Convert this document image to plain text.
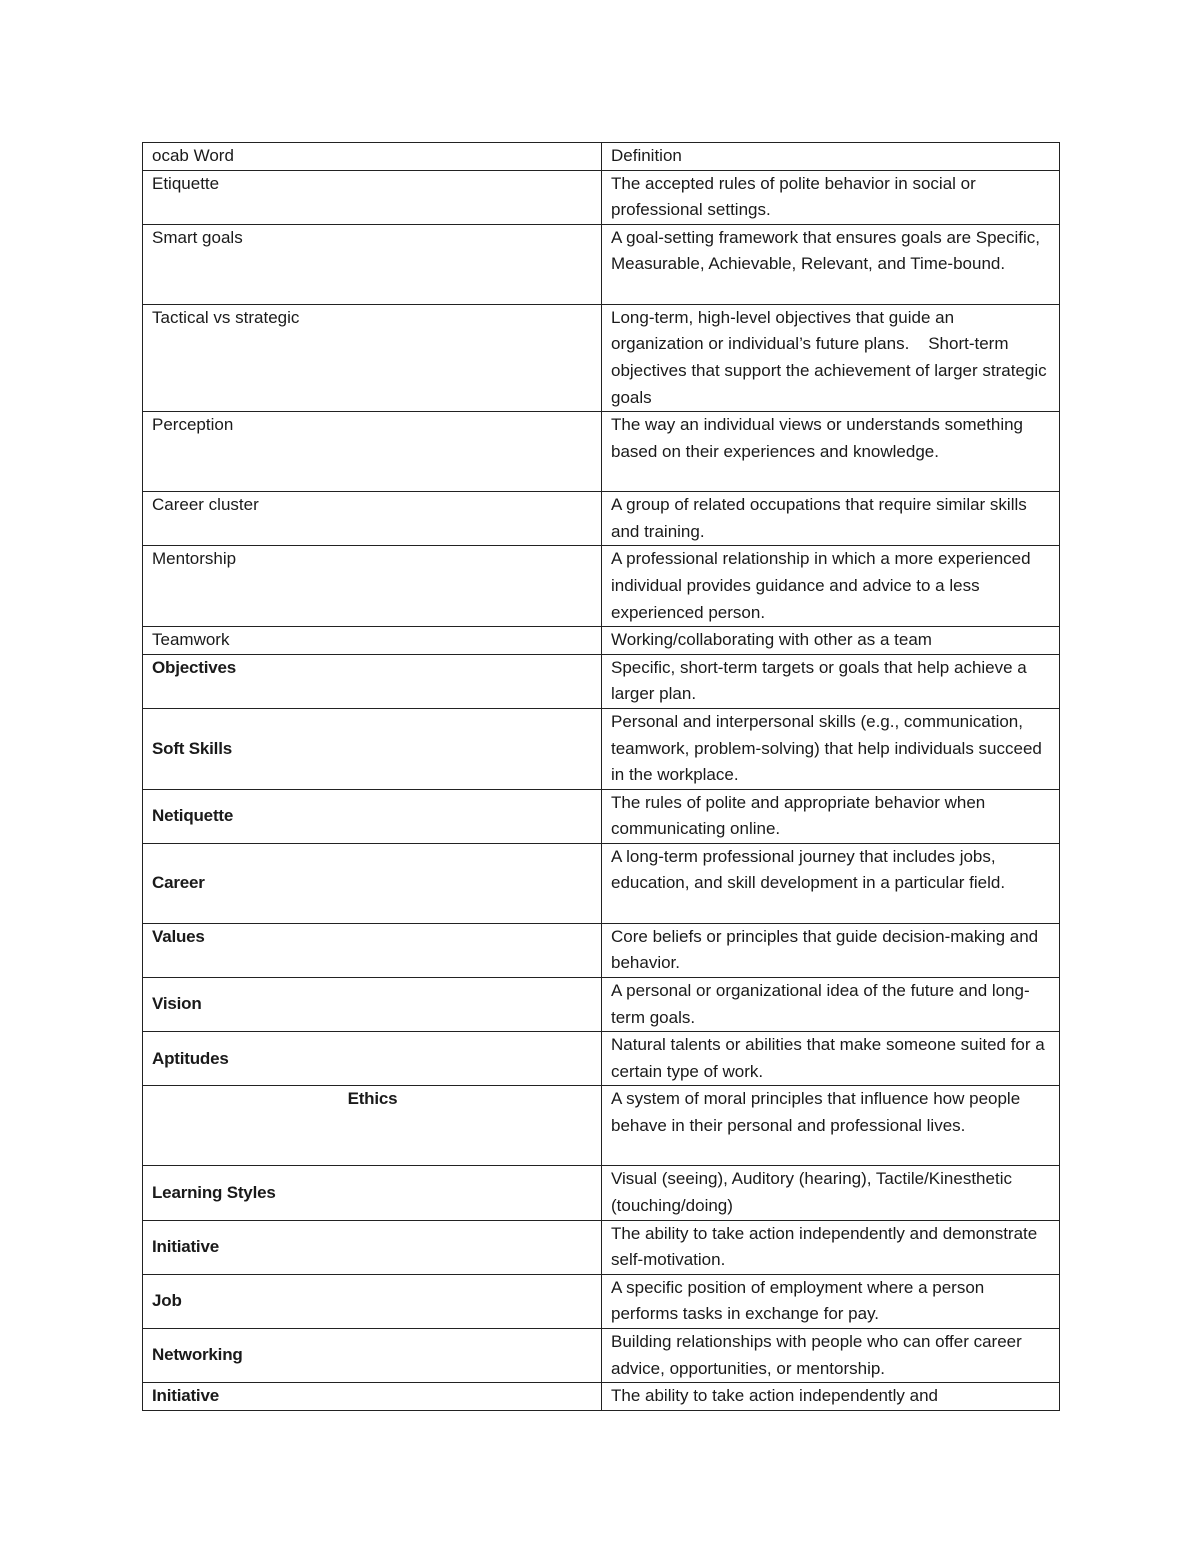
ocab Word	Definition
Etiquette	The accepted rules of polite behavior in social or professional settings.
Smart goals	A goal-setting framework that ensures goals are Specific, Measurable, Achievable, Relevant, and Time-bound.
Tactical vs strategic	Long-term, high-level objectives that guide an organization or individual’s future plans.    Short-term objectives that support the achievement of larger strategic goals
Perception	The way an individual views or understands something based on their experiences and knowledge.
Career cluster	A group of related occupations that require similar skills and training.
Mentorship	A professional relationship in which a more experienced individual provides guidance and advice to a less experienced person.
Teamwork	Working/collaborating with other as a team
Objectives	Specific, short-term targets or goals that help achieve a larger plan.
Soft Skills	Personal and interpersonal skills (e.g., communication, teamwork, problem-solving) that help individuals succeed in the workplace.
Netiquette	The rules of polite and appropriate behavior when communicating online.
Career	A long-term professional journey that includes jobs, education, and skill development in a particular field.
Values	Core beliefs or principles that guide decision-making and behavior.
Vision	A personal or organizational idea of the future and long-term goals.
Aptitudes	Natural talents or abilities that make someone suited for a certain type of work.
Ethics	A system of moral principles that influence how people behave in their personal and professional lives.
Learning Styles	Visual (seeing), Auditory (hearing), Tactile/Kinesthetic (touching/doing)
Initiative	The ability to take action independently and demonstrate self-motivation.
Job	A specific position of employment where a person performs tasks in exchange for pay.
Networking	Building relationships with people who can offer career advice, opportunities, or mentorship.
Initiative	The ability to take action independently and
